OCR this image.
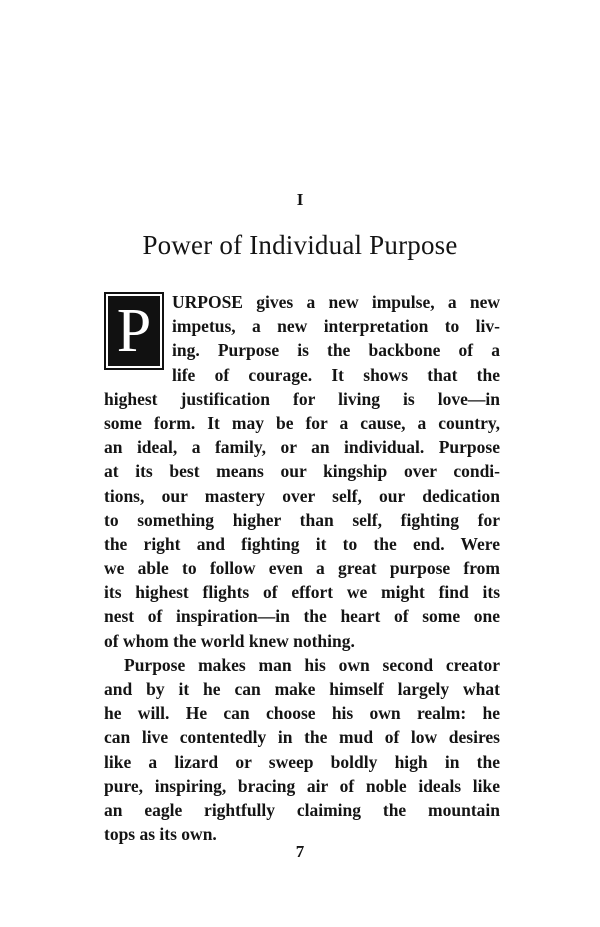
I
Power of Individual Purpose
P	URPOSE gives a new impulse, a new
impetus, a new interpretation to liv-
ing. Purpose is the backbone of a
life of courage. It shows that the
highest justification for living is love—in
some form. It may be for a cause, a country,
an ideal, a family, or an individual. Purpose
at its best means our kingship over condi-
tions, our mastery over self, our dedication
to something higher than self, fighting for
the right and fighting it to the end. Were
we able to follow even a great purpose from
its highest flights of effort we might find its
nest of inspiration—in the heart of some one
of whom the world knew nothing.
Purpose makes man his own second creator
and by it he can make himself largely what
he will. He can choose his own realm: he
can live contentedly in the mud of low desires
like a lizard or sweep boldly high in the
pure, inspiring, bracing air of noble ideals like
an eagle rightfully claiming the mountain
tops as its own.
7
